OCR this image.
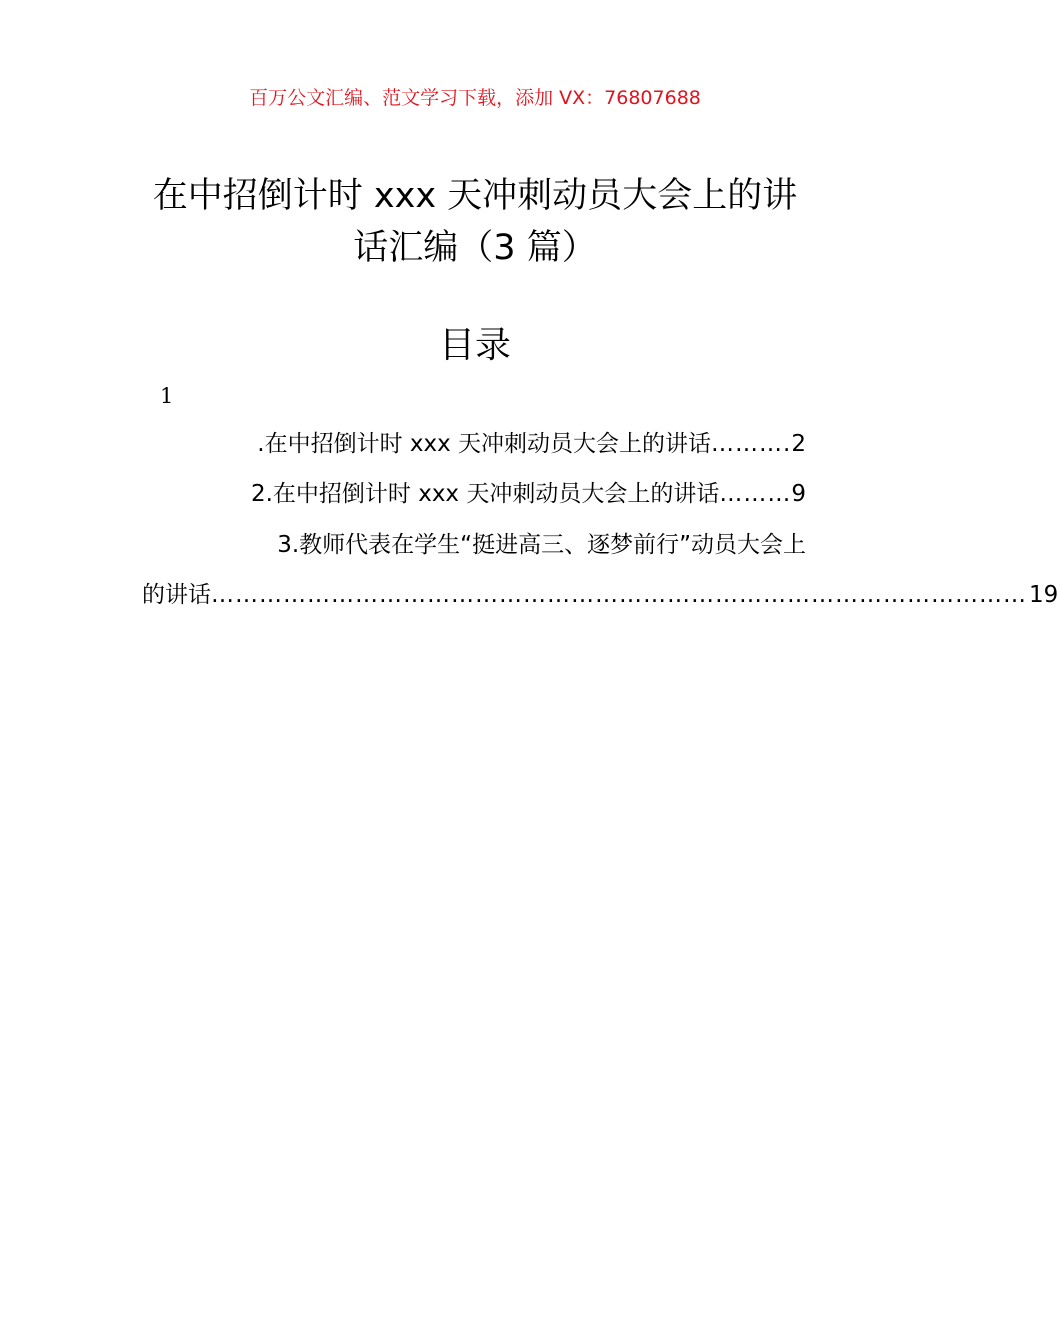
百万公文汇编、范文学习下载，添加 VX：76807688
在中招倒计时 xxx 天冲刺动员大会上的讲
话汇编（3 篇）
目录
1
.在中招倒计时 xxx 天冲刺动员大会上的讲话……….2
2.在中招倒计时 xxx 天冲刺动员大会上的讲话………9
3.教师代表在学生“挺进高三、逐梦前行”动员大会上
的讲话 ………………………………………………………………………………………… 19
